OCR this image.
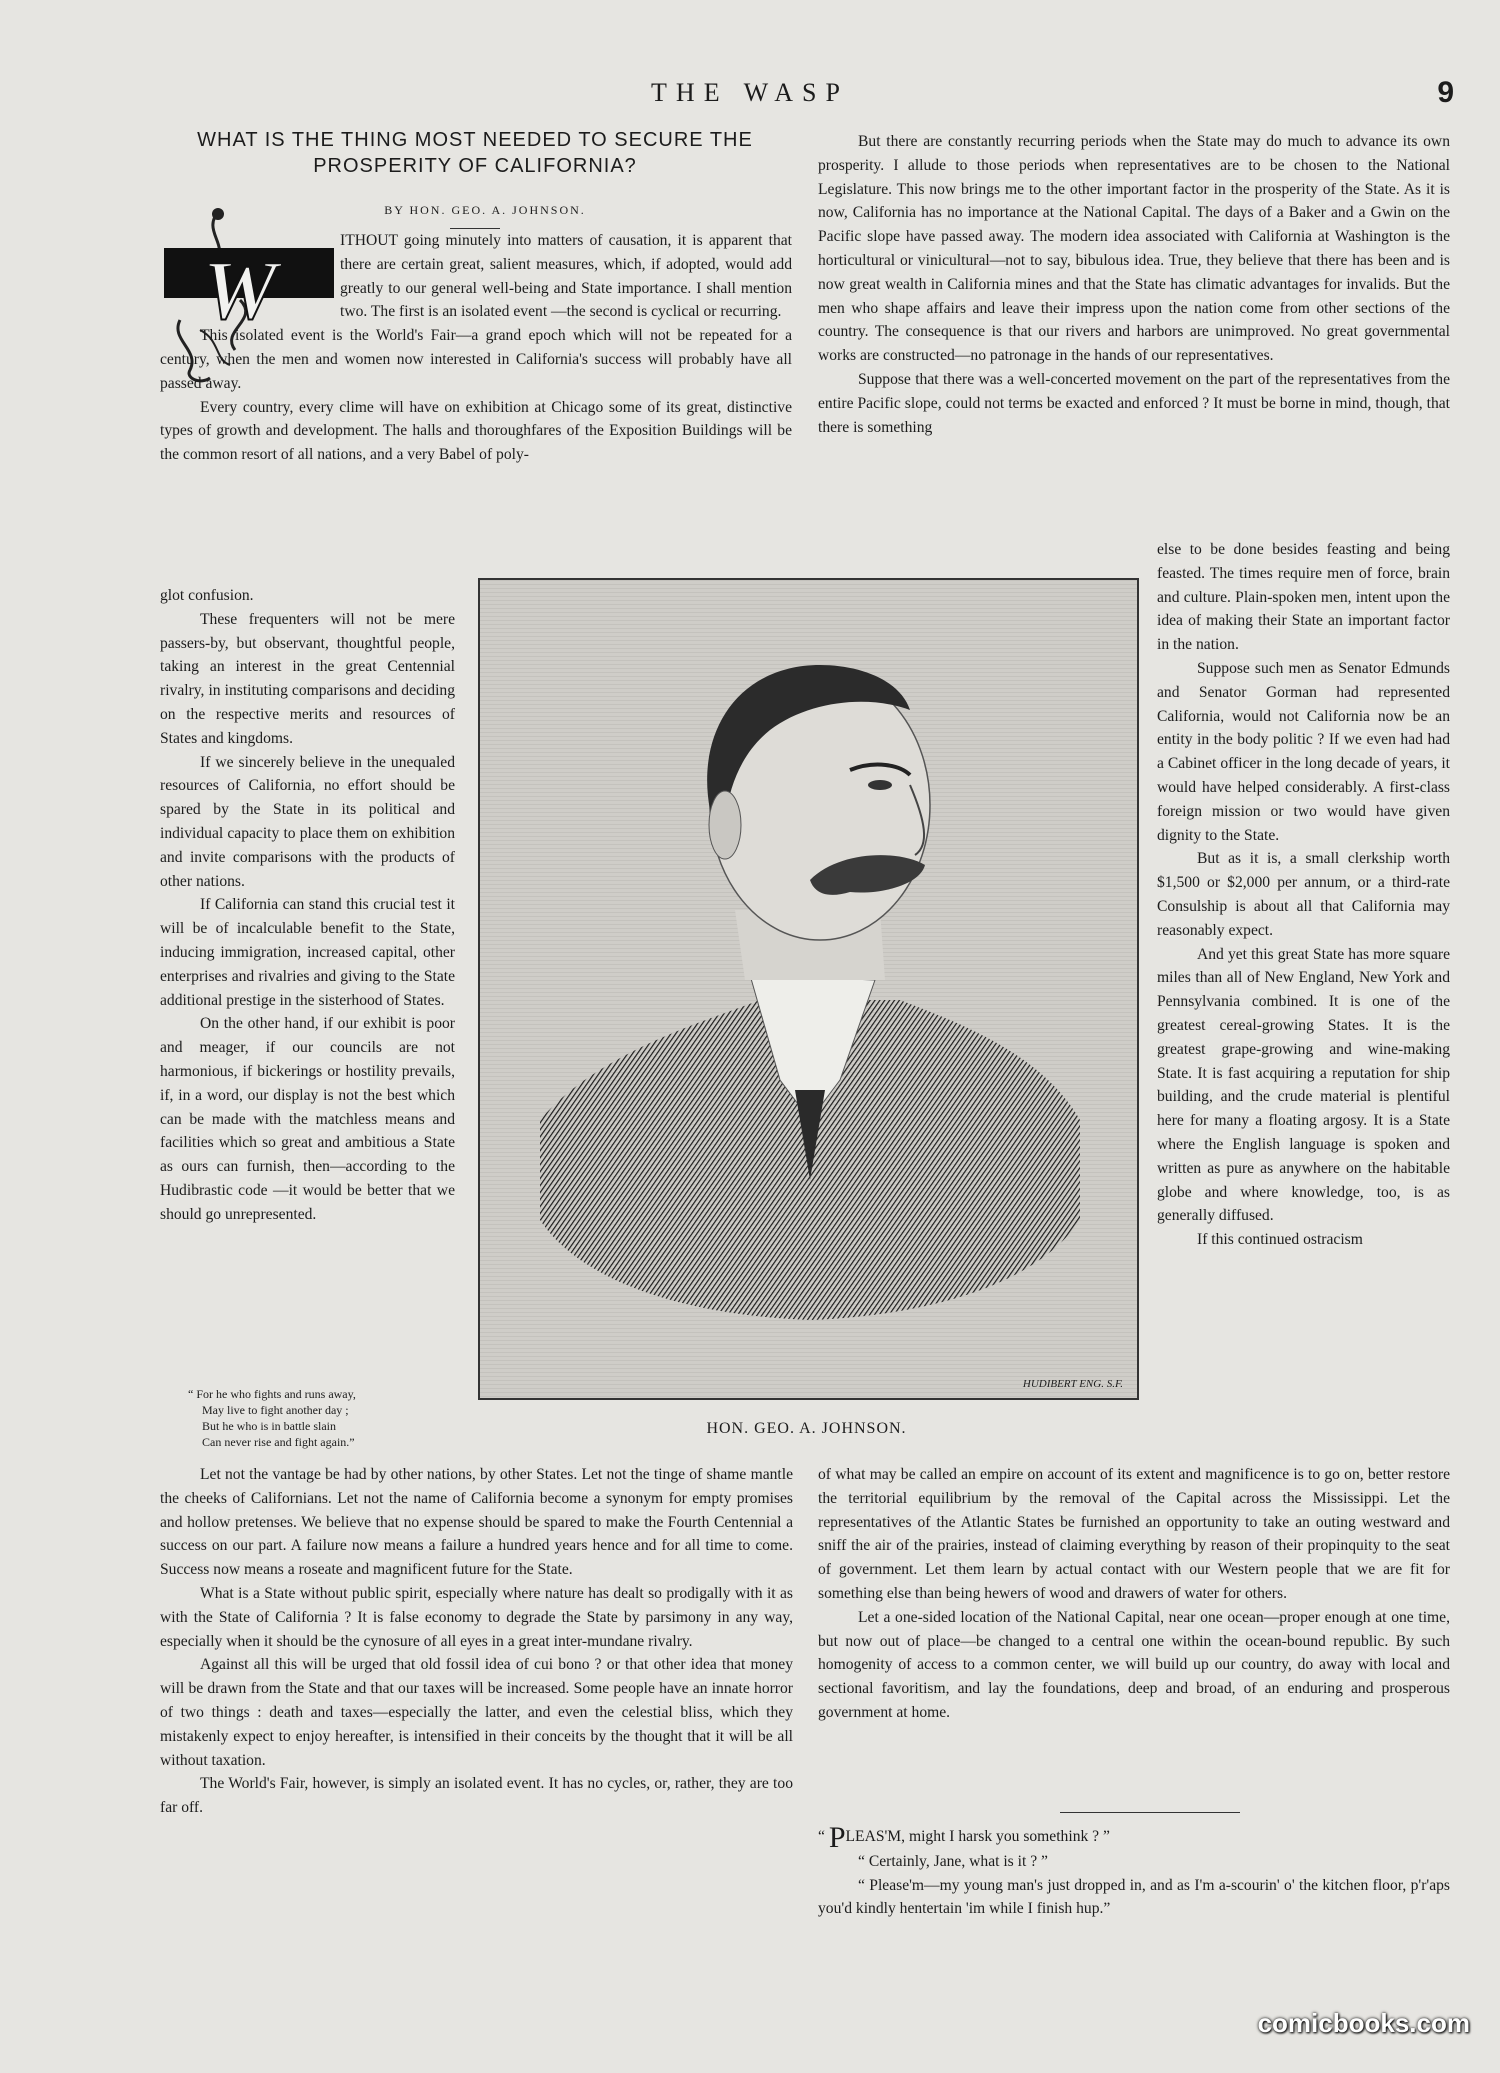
THE WASP	9
WHAT IS THE THING MOST NEEDED TO SECURE THE
PROSPERITY OF CALIFORNIA?
BY HON. GEO. A. JOHNSON.
W

ITHOUT going minutely into matters of causation, it is apparent that there are certain great, salient measures, which, if adopted, would add greatly to our general well-being and State importance. I shall mention two. The first is an isolated event —the second is cyclical or recurring.

This isolated event is the World's Fair—a grand epoch which will not be repeated for a century, when the men and women now interested in California's success will probably have all passed away.

Every country, every clime will have on exhibition at Chicago some of its great, distinctive types of growth and development. The halls and thoroughfares of the Exposition Buildings will be the common resort of all nations, and a very Babel of poly-

glot confusion.

These frequenters will not be mere passers-by, but observant, thoughtful people, taking an interest in the great Centennial rivalry, in instituting comparisons and deciding on the respective merits and resources of States and kingdoms.

If we sincerely believe in the unequaled resources of California, no effort should be spared by the State in its political and individual capacity to place them on exhibition and invite comparisons with the products of other nations.

If California can stand this crucial test it will be of incalculable benefit to the State, inducing immigration, increased capital, other enterprises and rivalries and giving to the State additional prestige in the sisterhood of States.

On the other hand, if our exhibit is poor and meager, if our councils are not harmonious, if bickerings or hostility prevails, if, in a word, our display is not the best which can be made with the matchless means and facilities which so great and ambitious a State as ours can furnish, then—according to the Hudibrastic code —it would be better that we should go unrepresented.

“ For he who fights and runs away,
May live to fight another day ;
But he who is in battle slain
Can never rise and fight again.”
HUDIBERT ENG. S.F.
HON. GEO. A. JOHNSON.

Let not the vantage be had by other nations, by other States. Let not the tinge of shame mantle the cheeks of Californians. Let not the name of California become a synonym for empty promises and hollow pretenses. We believe that no expense should be spared to make the Fourth Centennial a success on our part. A failure now means a failure a hundred years hence and for all time to come. Success now means a roseate and magnificent future for the State.

What is a State without public spirit, especially where nature has dealt so prodigally with it as with the State of California ? It is false economy to degrade the State by parsimony in any way, especially when it should be the cynosure of all eyes in a great inter-mundane rivalry.

Against all this will be urged that old fossil idea of cui bono ? or that other idea that money will be drawn from the State and that our taxes will be increased. Some people have an innate horror of two things : death and taxes—especially the latter, and even the celestial bliss, which they mistakenly expect to enjoy hereafter, is intensified in their conceits by the thought that it will be all without taxation.

The World's Fair, however, is simply an isolated event. It has no cycles, or, rather, they are too far off.

But there are constantly recurring periods when the State may do much to advance its own prosperity. I allude to those periods when representatives are to be chosen to the National Legislature. This now brings me to the other important factor in the prosperity of the State. As it is now, California has no importance at the National Capital. The days of a Baker and a Gwin on the Pacific slope have passed away. The modern idea associated with California at Washington is the horticultural or vinicultural—not to say, bibulous idea. True, they believe that there has been and is now great wealth in California mines and that the State has climatic advantages for invalids. But the men who shape affairs and leave their impress upon the nation come from other sections of the country. The consequence is that our rivers and harbors are unimproved. No great governmental works are constructed—no patronage in the hands of our representatives.

Suppose that there was a well-concerted movement on the part of the representatives from the entire Pacific slope, could not terms be exacted and enforced ? It must be borne in mind, though, that there is something

else to be done besides feasting and being feasted. The times require men of force, brain and culture. Plain-spoken men, intent upon the idea of making their State an important factor in the nation.

Suppose such men as Senator Edmunds and Senator Gorman had represented California, would not California now be an entity in the body politic ? If we even had had a Cabinet officer in the long decade of years, it would have helped considerably. A first-class foreign mission or two would have given dignity to the State.

But as it is, a small clerkship worth $1,500 or $2,000 per annum, or a third-rate Consulship is about all that California may reasonably expect.

And yet this great State has more square miles than all of New England, New York and Pennsylvania combined. It is one of the greatest cereal-growing States. It is the greatest grape-growing and wine-making State. It is fast acquiring a reputation for ship building, and the crude material is plentiful here for many a floating argosy. It is a State where the English language is spoken and written as pure as anywhere on the habitable globe and where knowledge, too, is as generally diffused.

If this continued ostracism

of what may be called an empire on account of its extent and magnificence is to go on, better restore the territorial equilibrium by the removal of the Capital across the Mississippi. Let the representatives of the Atlantic States be furnished an opportunity to take an outing westward and sniff the air of the prairies, instead of claiming everything by reason of their propinquity to the seat of government. Let them learn by actual contact with our Western people that we are fit for something else than being hewers of wood and drawers of water for others.

Let a one-sided location of the National Capital, near one ocean—proper enough at one time, but now out of place—be changed to a central one within the ocean-bound republic. By such homogenity of access to a common center, we will build up our country, do away with local and sectional favoritism, and lay the foundations, deep and broad, of an enduring and prosperous government at home.

“ PLEAS'M, might I harsk you somethink ? ”

“ Certainly, Jane, what is it ? ”

“ Please'm—my young man's just dropped in, and as I'm a-scourin' o' the kitchen floor, p'r'aps you'd kindly hentertain 'im while I finish hup.”

comicbooks.com
